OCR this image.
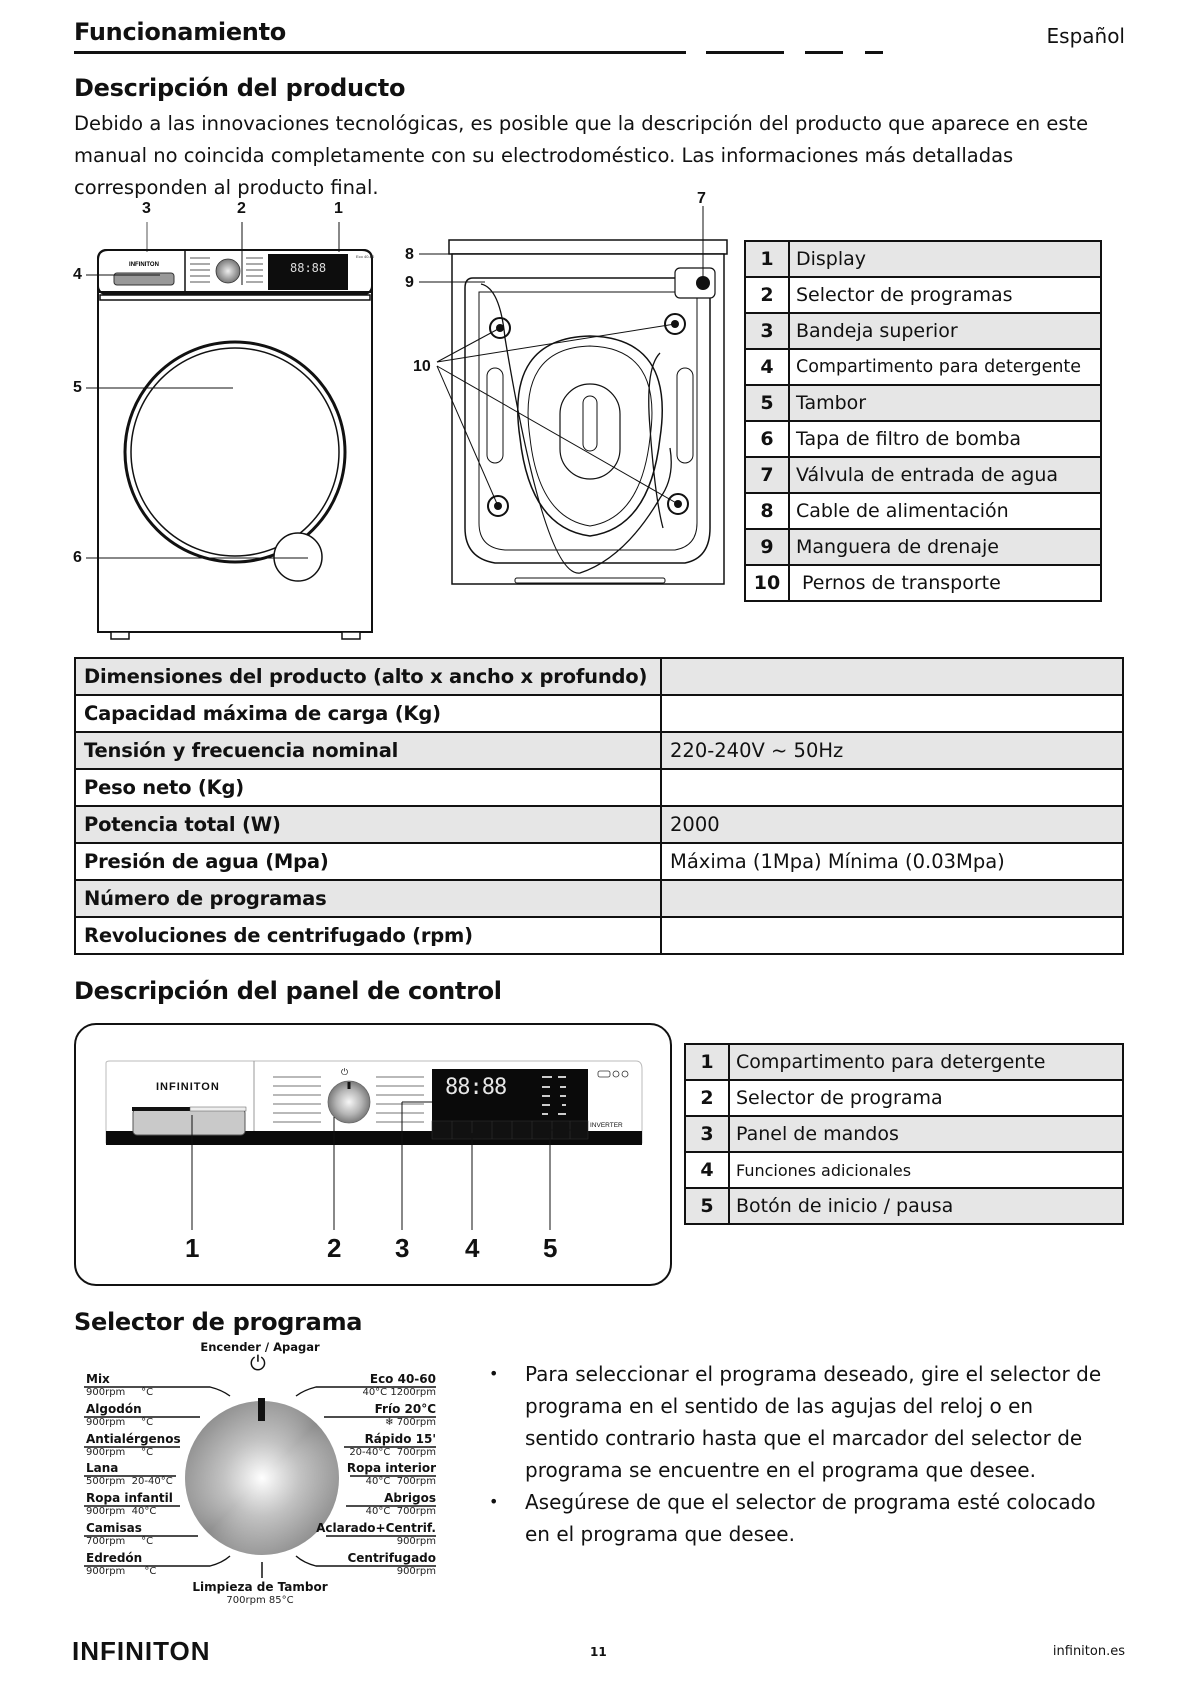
Funcionamiento	Español
Descripción del producto
Debido a las innovaciones tecnológicas, es posible que la descripción del producto que aparece en este manual no coincida completamente con su electrodoméstico. Las informaciones más detalladas corresponden al producto final.
INFINITON	88:88
Eco 40-60
3	2	1
4
5
6
7
8
9
10
1	Display
2	Selector de programas
3	Bandeja superior
4	Compartimento para detergente
5	Tambor
6	Tapa de filtro de bomba
7	Válvula de entrada de agua
8	Cable de alimentación
9	Manguera de drenaje
10	Pernos de transporte
Dimensiones del producto (alto x ancho x profundo)	
Capacidad máxima de carga (Kg)	
Tensión y frecuencia nominal	220-240V ~ 50Hz
Peso neto (Kg)	
Potencia total (W)	2000
Presión de agua (Mpa)	Máxima (1Mpa) Mínima (0.03Mpa)
Número de programas	
Revoluciones de centrifugado (rpm)	
Descripción del panel de control
INFINITON	88:88
INVERTER
⏻
1	2 3 4 5
1	Compartimento para detergente
2	Selector de programa
3	Panel de mandos
4	Funciones adicionales
5	Botón de inicio / pausa
Selector de programa
Encender / Apagar
⏻
Mix
900rpm     °C
Algodón
900rpm     °C
Antialérgenos
900rpm     °C
Lana
500rpm  20-40°C
Ropa infantil
900rpm  40°C
Camisas
700rpm     °C
Edredón
900rpm      °C
Eco 40-60
40°C 1200rpm
Frío 20°C
❄ 700rpm
Rápido 15'
20-40°C  700rpm
Ropa interior
40°C  700rpm
Abrigos
40°C  700rpm
Aclarado+Centrif.
900rpm
Centrifugado
900rpm
Limpieza de Tambor
700rpm 85°C
• Para seleccionar el programa deseado, gire el selector de programa en el sentido de las agujas del reloj o en sentido contrario hasta que el marcador del selector de programa se encuentre en el programa que desee.
• Asegúrese de que el selector de programa esté colocado en el programa que desee.
INFINITON	11	infiniton.es
